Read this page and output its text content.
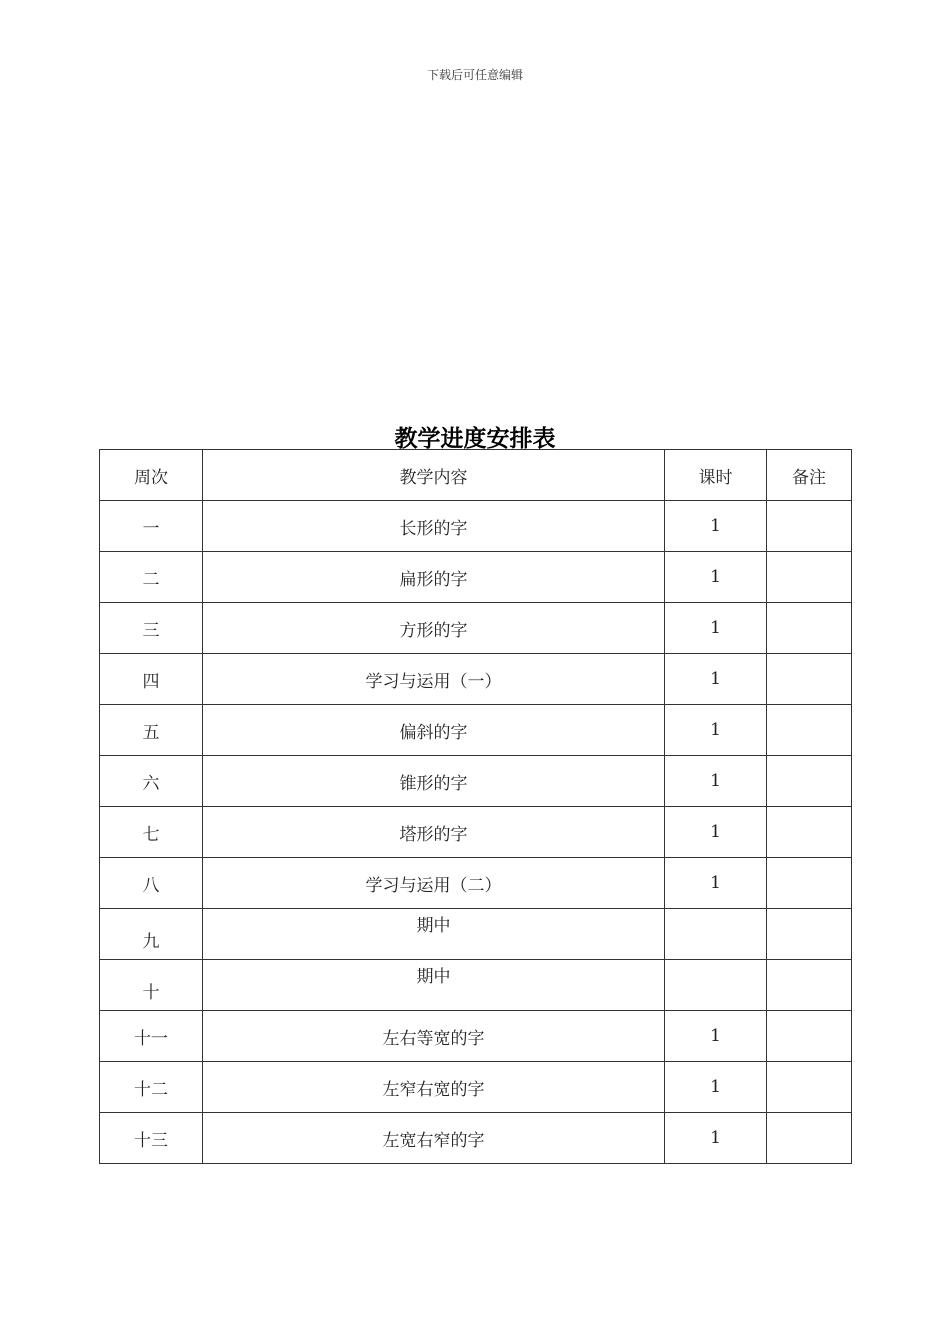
下载后可任意编辑
教学进度安排表
周次	教学内容	课时	备注
一	长形的字	1	
二	扁形的字	1	
三	方形的字	1	
四	学习与运用（一）	1	
五	偏斜的字	1	
六	锥形的字	1	
七	塔形的字	1	
八	学习与运用（二）	1	
九	期中		
十	期中		
十一	左右等宽的字	1	
十二	左窄右宽的字	1	
十三	左宽右窄的字	1	
